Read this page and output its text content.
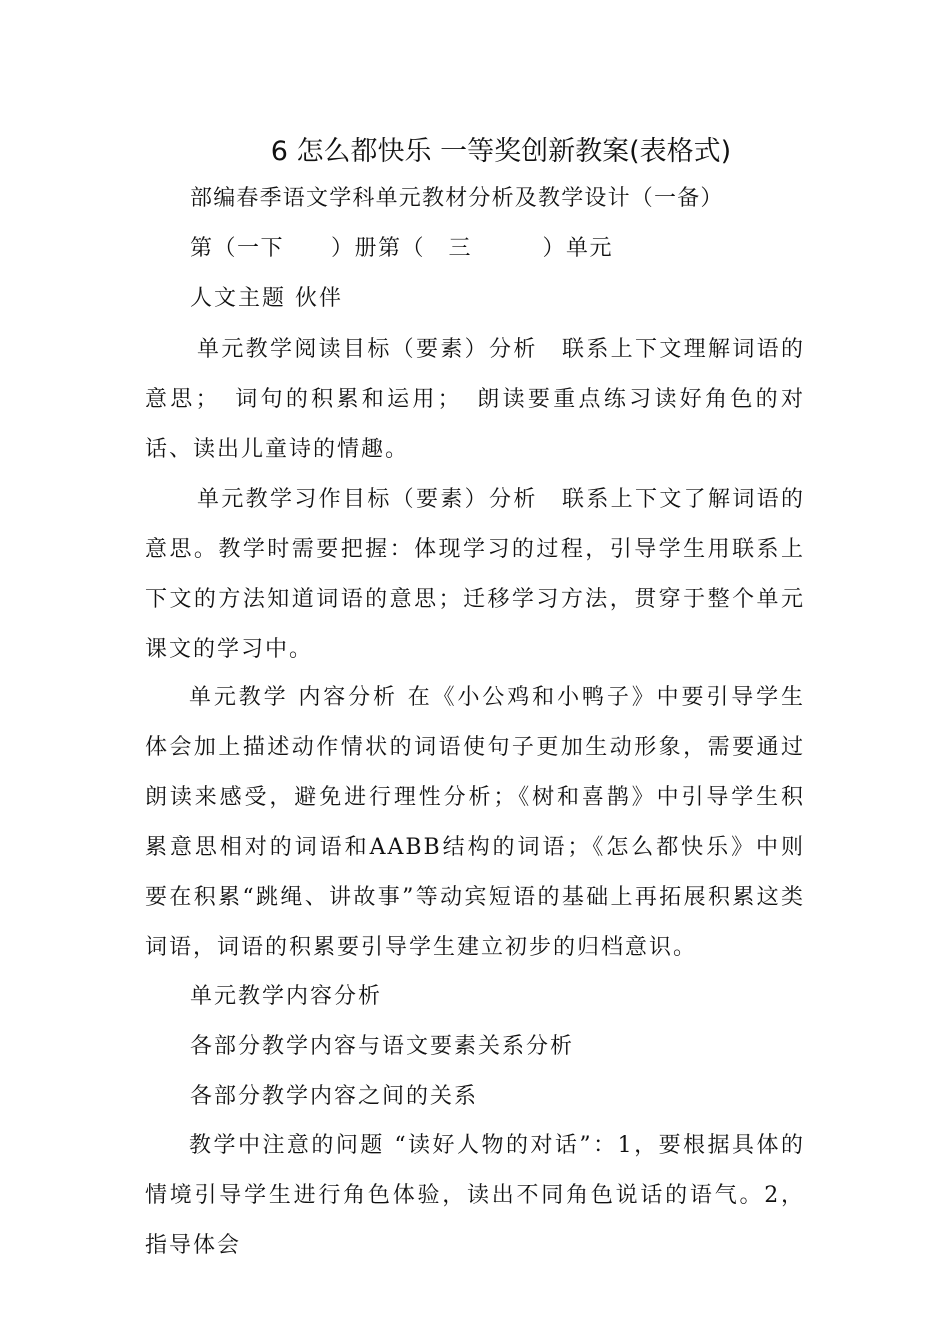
6 怎么都快乐 一等奖创新教案(表格式)
部编春季语文学科单元教材分析及教学设计（一备）
第（一下　　）册第（　三　　　）单元
人文主题 伙伴
单元教学阅读目标（要素）分析　联系上下文理解词语的意思；　词句的积累和运用；　朗读要重点练习读好角色的对话、读出儿童诗的情趣。
单元教学习作目标（要素）分析　联系上下文了解词语的意思。教学时需要把握：体现学习的过程，引导学生用联系上下文的方法知道词语的意思；迁移学习方法，贯穿于整个单元课文的学习中。
单元教学 内容分析 在《小公鸡和小鸭子》中要引导学生体会加上描述动作情状的词语使句子更加生动形象，需要通过朗读来感受，避免进行理性分析；《树和喜鹊》中引导学生积累意思相对的词语和AABB结构的词语；《怎么都快乐》中则要在积累“跳绳、讲故事”等动宾短语的基础上再拓展积累这类词语，词语的积累要引导学生建立初步的归档意识。
单元教学内容分析
各部分教学内容与语文要素关系分析
各部分教学内容之间的关系
教学中注意的问题 “读好人物的对话”：1，要根据具体的情境引导学生进行角色体验，读出不同角色说话的语气。2，指导体会
